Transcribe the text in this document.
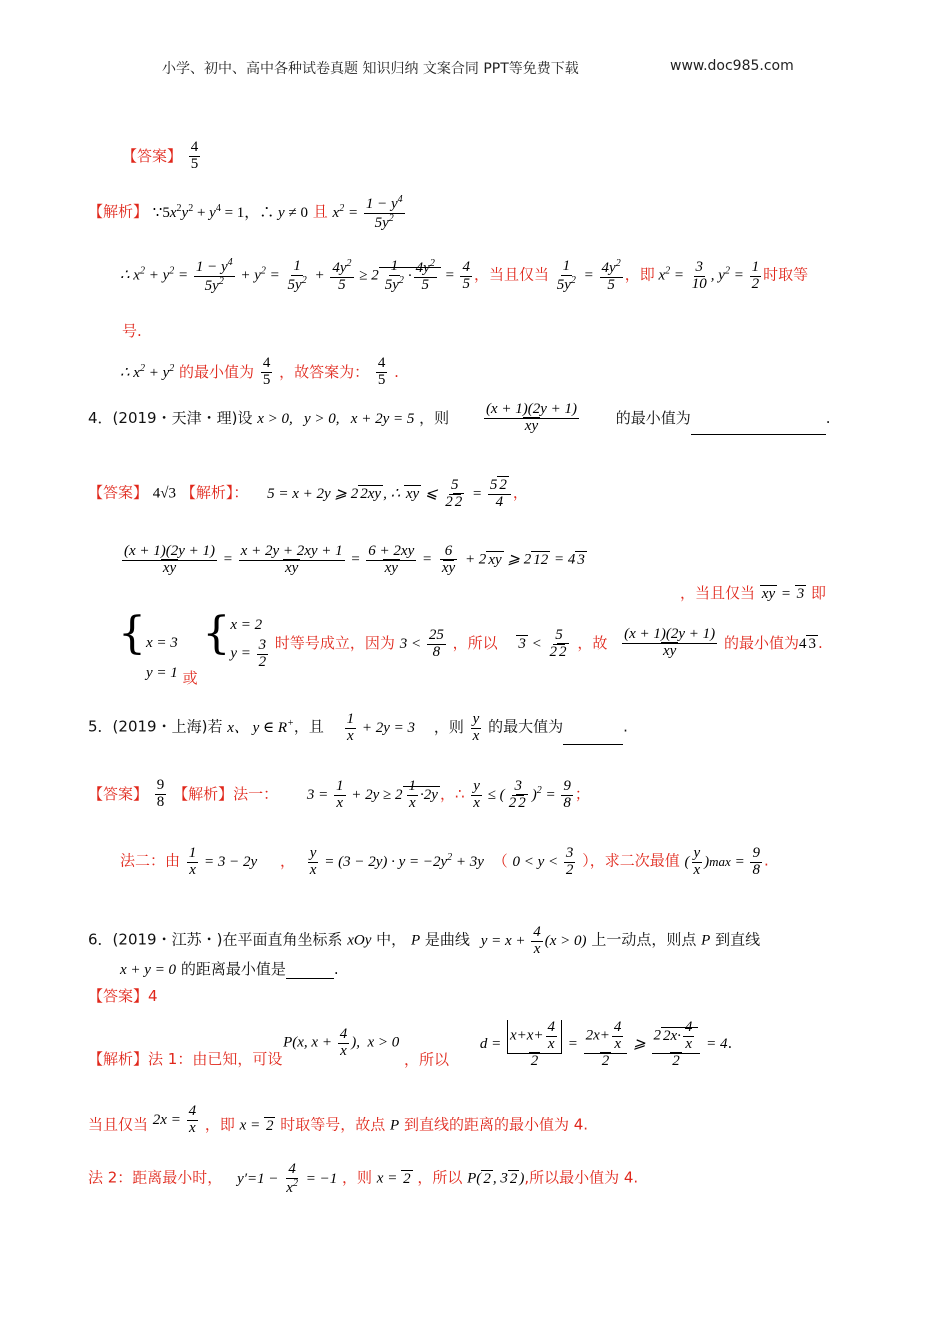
小学、初中、高中各种试卷真题 知识归纳 文案合同 PPT等免费下载	www.doc985.com
【答案】 $\frac{4}{5}$
【解析】 $\because 5x^2y^2 + y^4 = 1$，∴ y ≠ 0 且 $x^2 = \frac{1 - y^4}{5y^2}$
∴ $x^2 + y^2 = \frac{1 - y^4}{5y^2} + y^2 = \frac{1}{5y^2} + \frac{4y^2}{5} \ge 2 \frac{1}{5y^2} \cdot \frac{4y^2}{5} = \frac{4}{5}$ ，当且仅当 $\frac{1}{5y^2} = \frac{4y^2}{5}$ ，即 $x^2 = \frac{3}{10}$ , $y^2 = \frac{1}{2}$ 时取等
号.
∴ $x^2 + y^2$ 的最小值为 $\frac{4}{5}$ ，故答案为： $\frac{4}{5}$ .
4．(2019・天津・理)设 x > 0,   y > 0,   x + 2y = 5 ，则 $\frac{(x + 1)(2y + 1)}{xy}$ 的最小值为	.
【答案】 4√3 【解析】： 5 = x + 2y ⩾ 2 2xy , ∴ xy ⩽ $\frac{5}{2 2} = \frac{5 2}{4}$ ，
$\frac{(x + 1)(2y + 1)}{xy} = \frac{x + 2y + 2xy + 1}{xy} = \frac{6 + 2xy}{xy} = \frac{6}{xy} + 2$ xy ⩾ 2 12 = 4 3
，当且仅当 xy = 3 即
{x = 3
y = 1 或 {x = 2
$y = \frac{3}{2}$ 时等号成立，因为 $3 < \frac{25}{8}$ ，所以 $3 < \frac{5}{2 2}$ ，故 $\frac{(x + 1)(2y + 1)}{xy}$ 的最小值为4 3 .
5．(2019・上海)若 x、 y ∈ R+，且 $\frac{1}{x} + 2y = 3$ ，则 $\frac{y}{x}$ 的最大值为	.
【答案】 $\frac{9}{8}$ 【解析】法一： $3 = \frac{1}{x} + 2y \ge 2 \frac{1}{x} \cdot 2y$ ，∴ $\frac{y}{x}$ ≤ ( $\frac{3}{2 2} )^2 = \frac{9}{8}$ ；
法二：由 $\frac{1}{x} = 3 - 2y$ ， $\frac{y}{x} = (3 - 2y) \cdot y = -2y^2 + 3y$ （ $0 < y < \frac{3}{2}$ ），求二次最值 ( $\frac{y}{x} )\max = \frac{9}{8}$ .
6．(2019・江苏・)在平面直角坐标系 xOy 中， P 是曲线 $y = x + \frac{4}{x} (x > 0)$ 上一动点，则点 P 到直线
x + y = 0 的距离最小值是	.
【答案】4
【解析】法 1：由已知，可设 P(x, $x + \frac{4}{x}$ ),  x > 0 ，所以 $d = \frac{x+x+ \frac{4}{x}}{2} = \frac{2x+ \frac{4}{x}}{2}$ ⩾ $\frac{2 2x\cdot \frac{4}{x}}{2} = 4$.
当且仅当 $2x = \frac{4}{x}$ ，即 x = 2 时取等号，故点 P 到直线的距离的最小值为 4.
法 2：距离最小时， $y'=1 - \frac{4}{x^2} = -1$ ，则 x = 2 ，所以 P( 2 , 3 2 ),所以最小值为 4.
